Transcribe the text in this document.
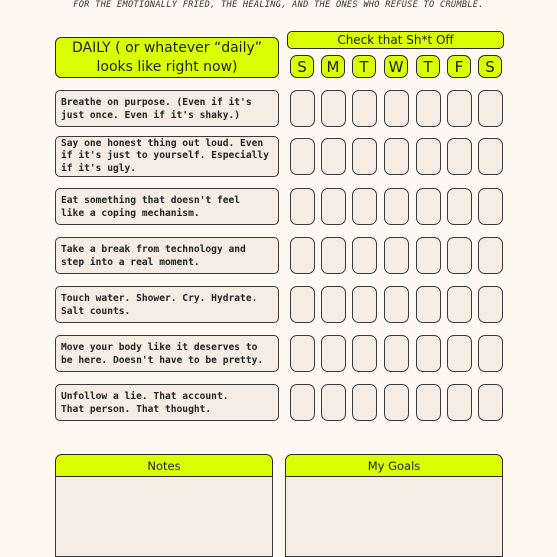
FOR THE EMOTIONALLY FRIED, THE HEALING, AND THE ONES WHO REFUSE TO CRUMBLE.
DAILY ( or whatever “daily” looks like right now)
Check that Sh*t Off
S	M	T	W	T	F	S
Breathe on purpose. (Even if it's
just once. Even if it's shaky.)
Say one honest thing out loud. Even
if it's just to yourself. Especially
if it's ugly.
Eat something that doesn't feel
like a coping mechanism.
Take a break from technology and
step into a real moment.
Touch water. Shower. Cry. Hydrate.
Salt counts.
Move your body like it deserves to
be here. Doesn't have to be pretty.
Unfollow a lie. That account.
That person. That thought.
Notes	My Goals
